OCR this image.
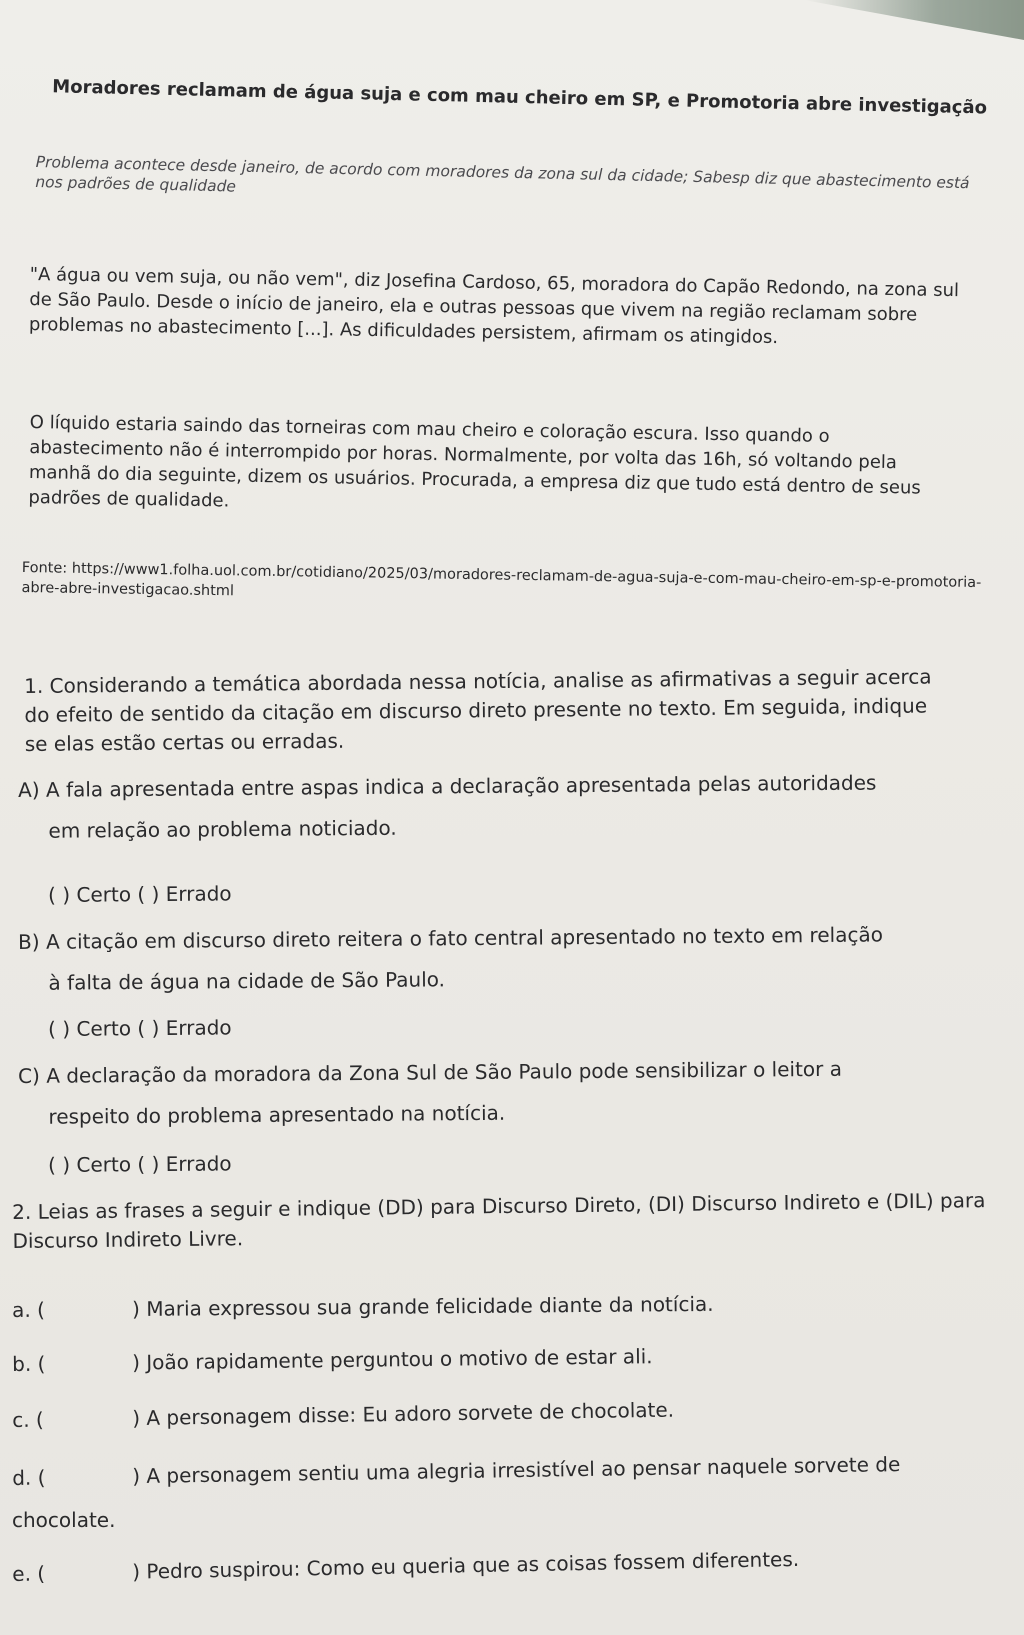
Moradores reclamam de água suja e com mau cheiro em SP, e Promotoria abre investigação

Problema acontece desde janeiro, de acordo com moradores da zona sul da cidade; Sabesp diz que abastecimento está nos padrões de qualidade

"A água ou vem suja, ou não vem", diz Josefina Cardoso, 65, moradora do Capão Redondo, na zona sul de São Paulo. Desde o início de janeiro, ela e outras pessoas que vivem na região reclamam sobre problemas no abastecimento [...]. As dificuldades persistem, afirmam os atingidos.

O líquido estaria saindo das torneiras com mau cheiro e coloração escura. Isso quando o abastecimento não é interrompido por horas. Normalmente, por volta das 16h, só voltando pela manhã do dia seguinte, dizem os usuários. Procurada, a empresa diz que tudo está dentro de seus padrões de qualidade.

Fonte: https://www1.folha.uol.com.br/cotidiano/2025/03/moradores-reclamam-de-agua-suja-e-com-mau-cheiro-em-sp-e-promotoria-abre-abre-investigacao.shtml

1. Considerando a temática abordada nessa notícia, analise as afirmativas a seguir acerca do efeito de sentido da citação em discurso direto presente no texto. Em seguida, indique se elas estão certas ou erradas.

A) A fala apresentada entre aspas indica a declaração apresentada pelas autoridades
em relação ao problema noticiado.
( ) Certo ( ) Errado
B) A citação em discurso direto reitera o fato central apresentado no texto em relação
à falta de água na cidade de São Paulo.
( ) Certo ( ) Errado
C) A declaração da moradora da Zona Sul de São Paulo pode sensibilizar o leitor a
respeito do problema apresentado na notícia.
( ) Certo ( ) Errado

2. Leias as frases a seguir e indique (DD) para Discurso Direto, (DI) Discurso Indireto e (DIL) para Discurso Indireto Livre.

a. (	) Maria expressou sua grande felicidade diante da notícia.
b. (	) João rapidamente perguntou o motivo de estar ali.
c. (	) A personagem disse: Eu adoro sorvete de chocolate.
d. (	) A personagem sentiu uma alegria irresistível ao pensar naquele sorvete de
chocolate.
e. (	) Pedro suspirou: Como eu queria que as coisas fossem diferentes.
